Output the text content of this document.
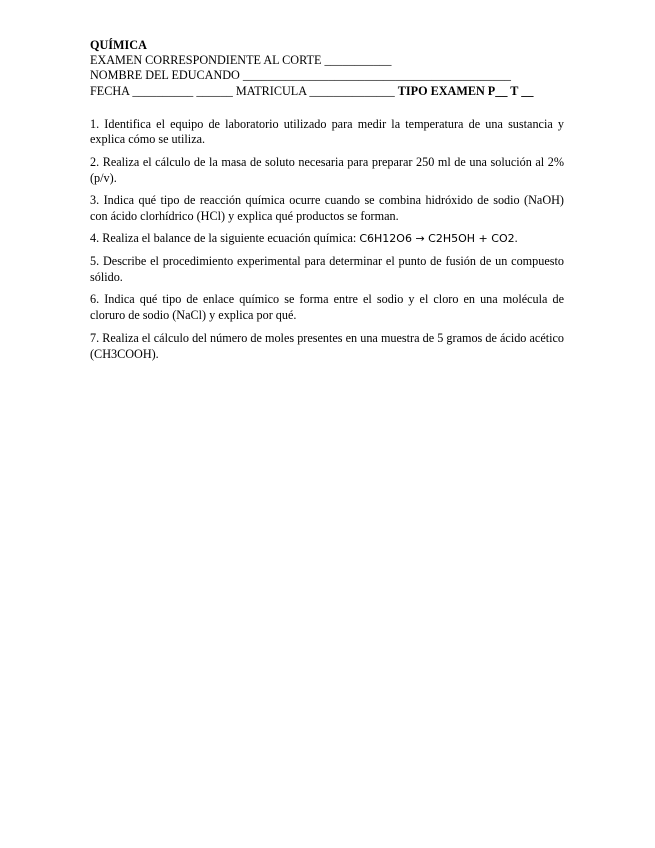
QUÍMICA
EXAMEN CORRESPONDIENTE AL CORTE ___________
NOMBRE DEL EDUCANDO ____________________________________________
FECHA __________ ______ MATRICULA ______________ TIPO EXAMEN P__ T __

1. Identifica el equipo de laboratorio utilizado para medir la temperatura de una sustancia y explica cómo se utiliza.

2. Realiza el cálculo de la masa de soluto necesaria para preparar 250 ml de una solución al 2% (p/v).

3. Indica qué tipo de reacción química ocurre cuando se combina hidróxido de sodio (NaOH) con ácido clorhídrico (HCl) y explica qué productos se forman.

4. Realiza el balance de la siguiente ecuación química: C6H12O6 → C2H5OH + CO2.

5. Describe el procedimiento experimental para determinar el punto de fusión de un compuesto sólido.

6. Indica qué tipo de enlace químico se forma entre el sodio y el cloro en una molécula de cloruro de sodio (NaCl) y explica por qué.

7. Realiza el cálculo del número de moles presentes en una muestra de 5 gramos de ácido acético (CH3COOH).
